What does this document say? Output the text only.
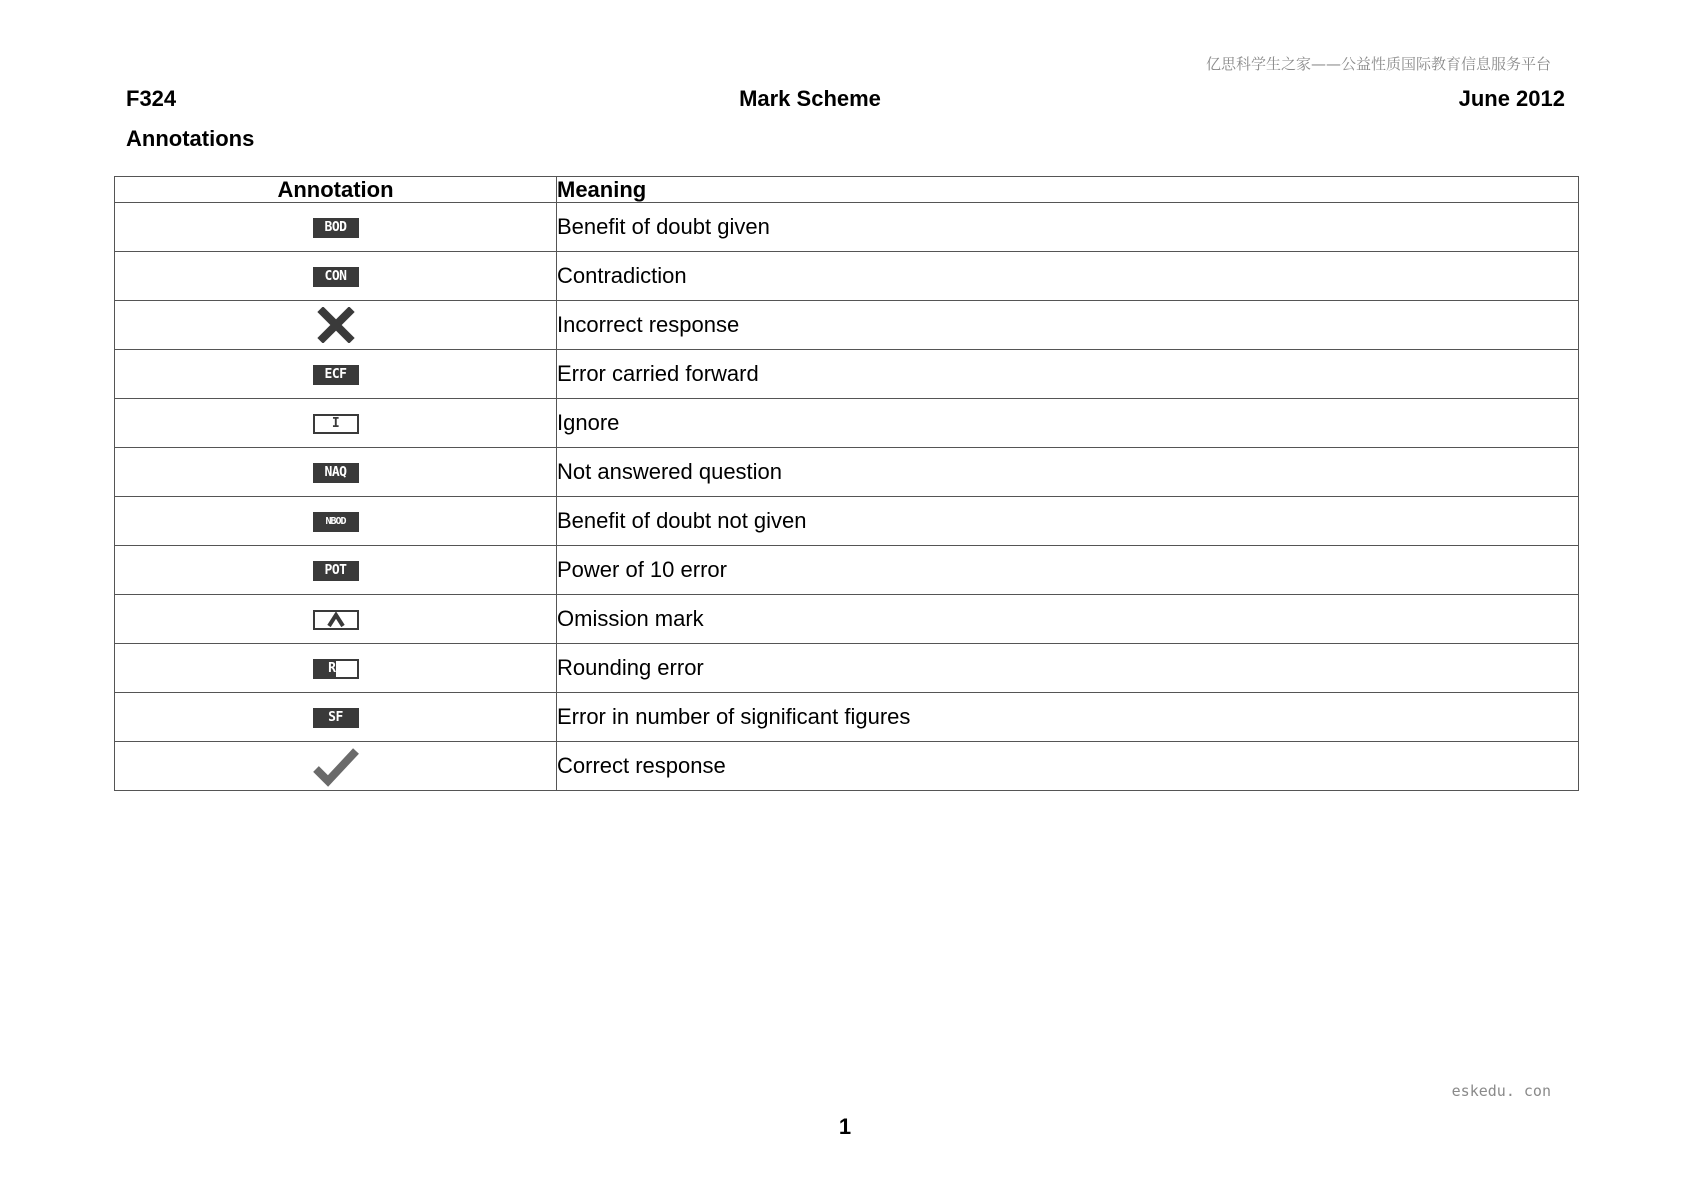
亿思科学生之家——公益性质国际教育信息服务平台
F324	Mark Scheme	June 2012
Annotations
Annotation	Meaning
BOD	Benefit of doubt given
CON	Contradiction

	Incorrect response
ECF	Error carried forward
I	Ignore
NAQ	Not answered question
NBOD	Benefit of doubt not given
POT	Power of 10 error

	Omission mark
RE	Rounding error
SF	Error in number of significant figures

	Correct response
eskedu. con
1
